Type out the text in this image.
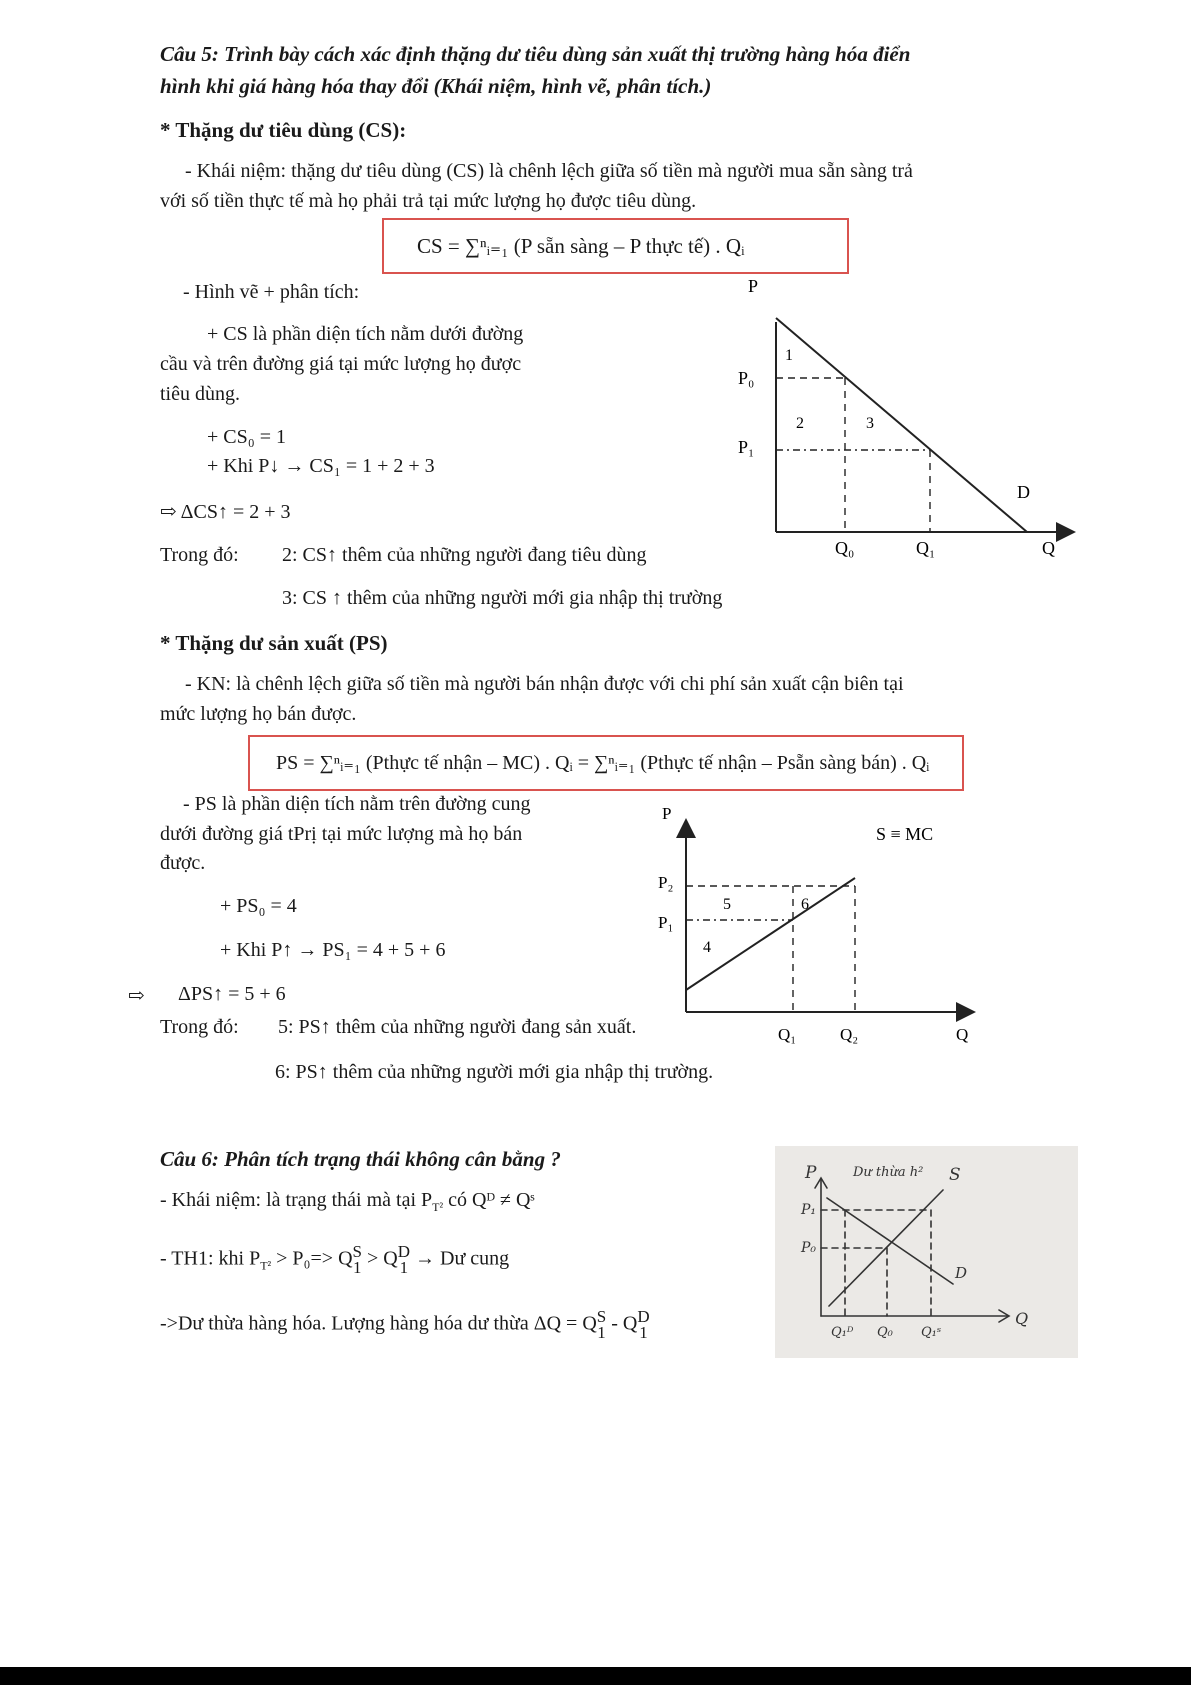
Câu 5: Trình bày cách xác định thặng dư tiêu dùng sản xuất thị trường hàng hóa điển
hình khi giá hàng hóa thay đổi (Khái niệm, hình vẽ, phân tích.)
* Thặng dư tiêu dùng (CS):
- Khái niệm: thặng dư tiêu dùng (CS) là chênh lệch giữa số tiền mà người mua sẵn sàng trả
với số tiền thực tế mà họ phải trả tại mức lượng họ được tiêu dùng.
CS = ∑ⁿᵢ₌₁ (P sẵn sàng – P thực tế) . Qᵢ
- Hình vẽ + phân tích:
+ CS là phần diện tích nằm dưới đường
cầu và trên đường giá tại mức lượng họ được
tiêu dùng.
+ CS₀ = 1
+ Khi P↓ → CS₁ = 1 + 2 + 3
⇨ ΔCS↑ = 2 + 3
Trong đó: 2: CS↑ thêm của những người đang tiêu dùng
3: CS ↑ thêm của những người mới gia nhập thị trường
P
P₀
P₁
1
2	3
D
Q₀	Q₁	Q
* Thặng dư sản xuất (PS)
- KN: là chênh lệch giữa số tiền mà người bán nhận được với chi phí sản xuất cận biên tại
mức lượng họ bán được.
PS = ∑ⁿᵢ₌₁ (Pthực tế nhận – MC) . Qᵢ = ∑ⁿᵢ₌₁ (Pthực tế nhận – Psẵn sàng bán) . Qᵢ
- PS là phần diện tích nằm trên đường cung
dưới đường giá tPrị tại mức lượng mà họ bán
được.
+ PS₀ = 4
+ Khi P↑ → PS₁ = 4 + 5 + 6
⇨ ΔPS↑ = 5 + 6
Trong đó: 5: PS↑ thêm của những người đang sản xuất.
6: PS↑ thêm của những người mới gia nhập thị trường.
P
S ≡ MC
P₂
P₁
5	6
4
Q₁	Q₂	Q
Câu 6: Phân tích trạng thái không cân bằng ?
- Khái niệm: là trạng thái mà tại $P_{T^2}$ có Qᴰ ≠ Qˢ
- TH1: khi $P_{T^2} > P_0=>$ QS
1 > QD
1 → Dư cung
->Dư thừa hàng hóa. Lượng hàng hóa dư thừa ΔQ = QS
1 - QD
1
P	Dư thừa h² S
P₁
P₀
D
Q₁ᴰ Q₀ Q₁ˢ
Q
